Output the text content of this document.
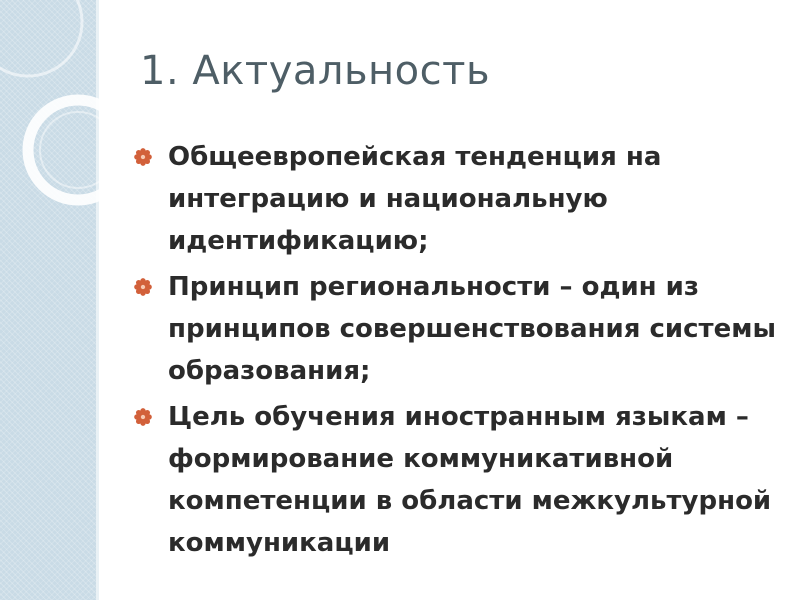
1. Актуальность
Общеевропейская тенденция на интеграцию и национальную идентификацию;
Принцип региональности – один из принципов совершенствования системы образования;
Цель обучения иностранным языкам – формирование коммуникативной компетенции в области межкультурной коммуникации
